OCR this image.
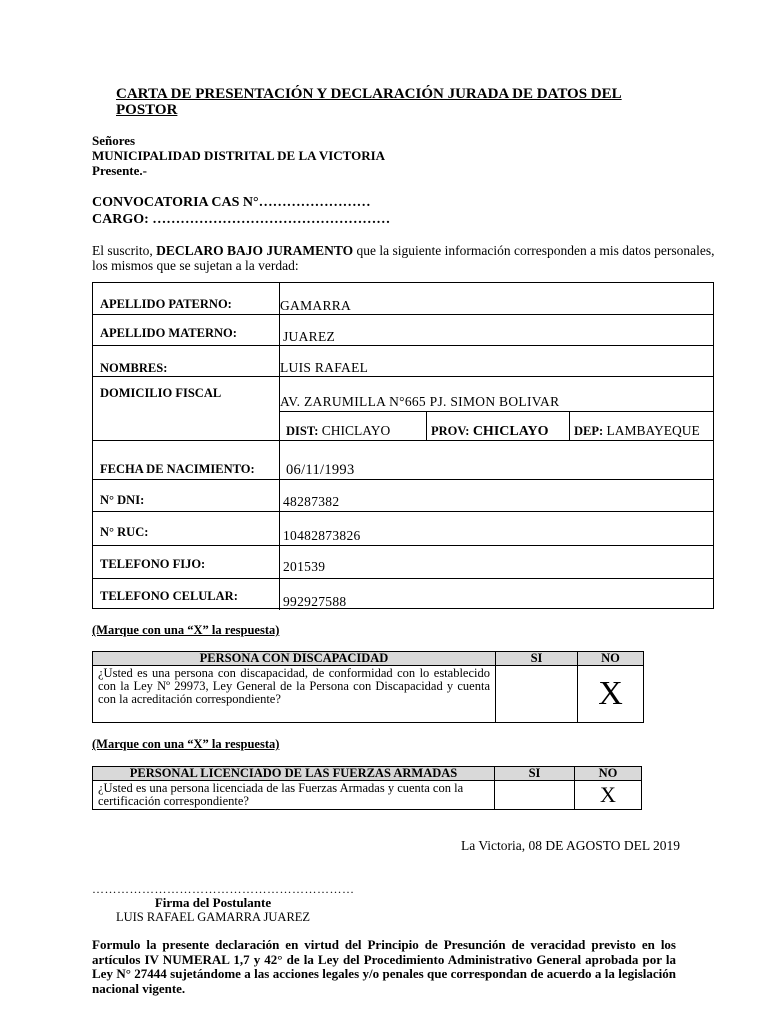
CARTA DE PRESENTACIÓN Y DECLARACIÓN JURADA DE DATOS DEL POSTOR
Señores
MUNICIPALIDAD DISTRITAL DE LA VICTORIA
Presente.-
CONVOCATORIA CAS N°……………………
CARGO: ……………………………………………
El suscrito, DECLARO BAJO JURAMENTO que la siguiente información corresponden a mis datos personales, los mismos que se sujetan a la verdad:
APELLIDO PATERNO:	GAMARRA
APELLIDO MATERNO:	JUAREZ
NOMBRES:	LUIS RAFAEL
DOMICILIO FISCAL
AV. ZARUMILLA N°665 PJ. SIMON BOLIVAR
DIST: CHICLAYO	PROV: CHICLAYO DEP: LAMBAYEQUE
FECHA DE NACIMIENTO: 06/11/1993
N° DNI:	48287382
N° RUC:	10482873826
TELEFONO FIJO:	201539
TELEFONO CELULAR:	992927588
(Marque con una “X” la respuesta)
PERSONA CON DISCAPACIDAD	SI	NO
¿Usted es una persona con discapacidad, de conformidad con lo establecido con la Ley Nº 29973, Ley General de la Persona con Discapacidad y cuenta con la acreditación correspondiente?		X
(Marque con una “X” la respuesta)
PERSONAL LICENCIADO DE LAS FUERZAS ARMADAS	SI	NO
¿Usted es una persona licenciada de las Fuerzas Armadas y cuenta con la certificación correspondiente?		X
La Victoria, 08 DE AGOSTO DEL 2019
………………………………………………………
Firma del Postulante
LUIS RAFAEL GAMARRA JUAREZ
Formulo la presente declaración en virtud del Principio de Presunción de veracidad previsto en los artículos IV NUMERAL 1,7 y 42° de la Ley del Procedimiento Administrativo General aprobada por la Ley N° 27444 sujetándome a las acciones legales y/o penales que correspondan de acuerdo a la legislación nacional vigente.
